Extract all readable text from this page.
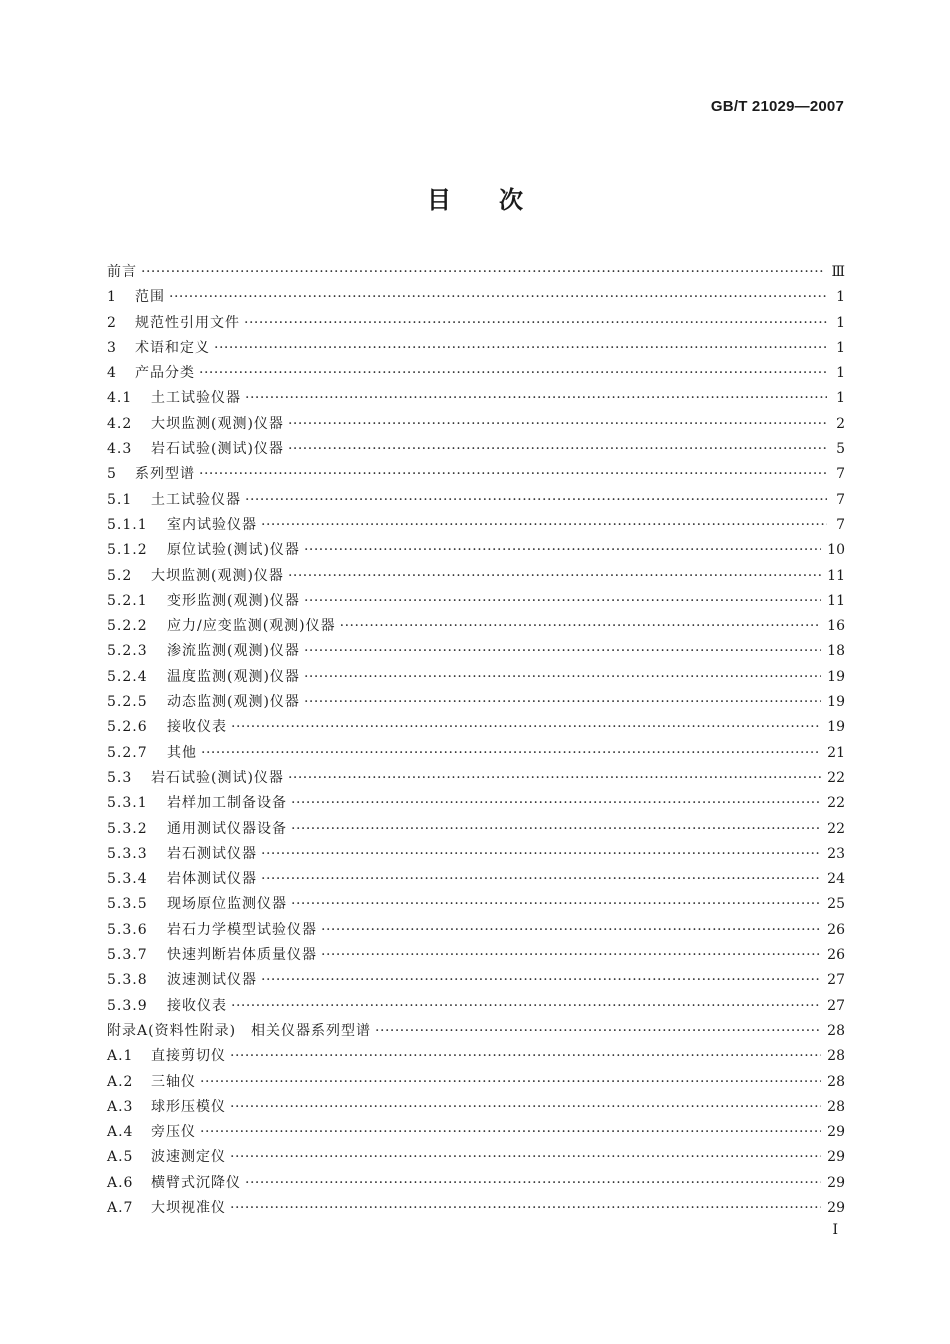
GB/T 21029—2007
目次
前言 ·····	Ⅲ
1	范围 ·····	1
2	规范性引用文件 ·····	1
3	术语和定义 ·····	1
4	产品分类 ·····	1
4.1	土工试验仪器 ·····	1
4.2	大坝监测(观测)仪器 ·····	2
4.3	岩石试验(测试)仪器 ·····	5
5	系列型谱 ·····	7
5.1	土工试验仪器 ·····	7
5.1.1	室内试验仪器 ·····	7
5.1.2	原位试验(测试)仪器 ·····	10
5.2	大坝监测(观测)仪器 ·····	11
5.2.1	变形监测(观测)仪器 ·····	11
5.2.2	应力/应变监测(观测)仪器 ·····	16
5.2.3	渗流监测(观测)仪器 ·····	18
5.2.4	温度监测(观测)仪器 ·····	19
5.2.5	动态监测(观测)仪器 ·····	19
5.2.6	接收仪表 ·····	19
5.2.7	其他 ·····	21
5.3	岩石试验(测试)仪器 ·····	22
5.3.1	岩样加工制备设备 ·····	22
5.3.2	通用测试仪器设备 ·····	22
5.3.3	岩石测试仪器 ·····	23
5.3.4	岩体测试仪器 ·····	24
5.3.5	现场原位监测仪器 ·····	25
5.3.6	岩石力学模型试验仪器 ·····	26
5.3.7	快速判断岩体质量仪器 ·····	26
5.3.8	波速测试仪器 ·····	27
5.3.9	接收仪表 ·····	27
附录A(资料性附录)　相关仪器系列型谱 ·····	28
A.1	直接剪切仪 ·····	28
A.2	三轴仪 ·····	28
A.3	球形压模仪 ·····	28
A.4	旁压仪 ·····	29
A.5	波速测定仪 ·····	29
A.6	横臂式沉降仪 ·····	29
A.7	大坝视准仪 ·····	29
I
